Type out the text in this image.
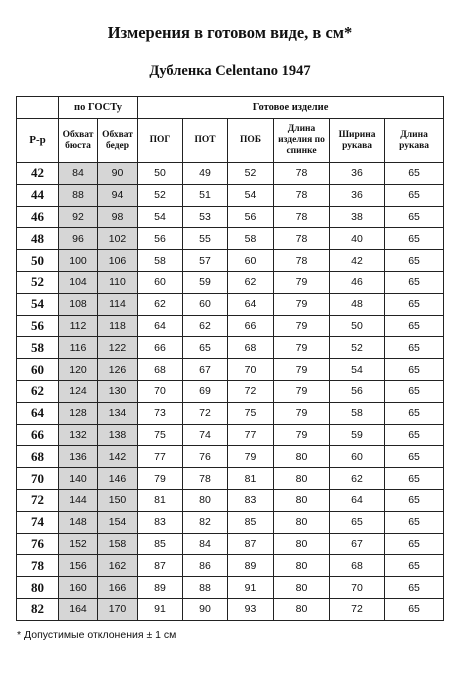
Измерения в готовом виде, в см*
Дубленка Celentano 1947
	по ГОСТу		Готовое изделие					
Р-р	Обхват бюста	Обхват бедер	ПОГ	ПОТ	ПОБ	Длина изделия по спинке	Ширина рукава	Длина рукава
42	84	90	50	49	52	78	36	65
44	88	94	52	51	54	78	36	65
46	92	98	54	53	56	78	38	65
48	96	102	56	55	58	78	40	65
50	100	106	58	57	60	78	42	65
52	104	110	60	59	62	79	46	65
54	108	114	62	60	64	79	48	65
56	112	118	64	62	66	79	50	65
58	116	122	66	65	68	79	52	65
60	120	126	68	67	70	79	54	65
62	124	130	70	69	72	79	56	65
64	128	134	73	72	75	79	58	65
66	132	138	75	74	77	79	59	65
68	136	142	77	76	79	80	60	65
70	140	146	79	78	81	80	62	65
72	144	150	81	80	83	80	64	65
74	148	154	83	82	85	80	65	65
76	152	158	85	84	87	80	67	65
78	156	162	87	86	89	80	68	65
80	160	166	89	88	91	80	70	65
82	164	170	91	90	93	80	72	65
* Допустимые отклонения ± 1 см
